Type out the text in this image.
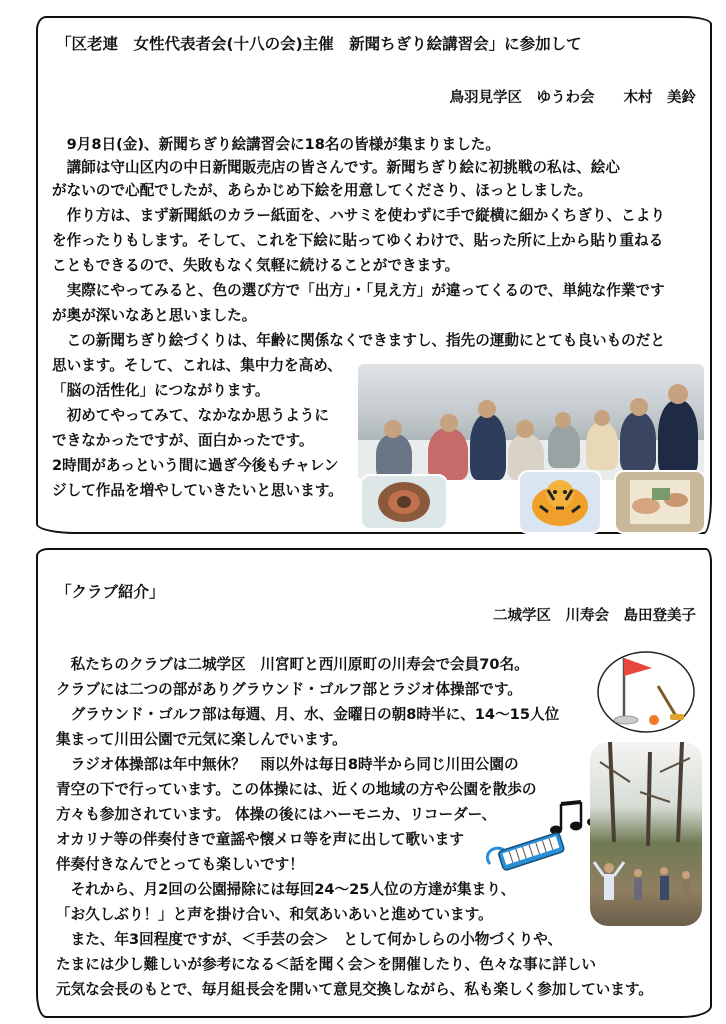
「区老連　女性代表者会(十八の会)主催　新聞ちぎり絵講習会」に参加して
鳥羽見学区　ゆうわ会　　木村　美鈴
　9月8日(金)、新聞ちぎり絵講習会に18名の皆様が集まりました。
　講師は守山区内の中日新聞販売店の皆さんです。新聞ちぎり絵に初挑戦の私は、絵心
がないので心配でしたが、あらかじめ下絵を用意してくださり、ほっとしました。
　作り方は、まず新聞紙のカラー紙面を、ハサミを使わずに手で縦横に細かくちぎり、こより
を作ったりもします。そして、これを下絵に貼ってゆくわけで、貼った所に上から貼り重ねる
こともできるので、失敗もなく気軽に続けることができます。
　実際にやってみると、色の選び方で「出方」・「見え方」が違ってくるので、単純な作業です
が奥が深いなあと思いました。
　この新聞ちぎり絵づくりは、年齢に関係なくできますし、指先の運動にとても良いものだと
思います。そして、これは、集中力を高め、
「脳の活性化」につながります。
　初めてやってみて、なかなか思うように
できなかったですが、面白かったです。
2時間があっという間に過ぎ今後もチャレン
ジして作品を増やしていきたいと思います。
「クラブ紹介」
二城学区　川寿会　島田登美子
　私たちのクラブは二城学区　川宮町と西川原町の川寿会で会員70名。
クラブには二つの部がありグラウンド・ゴルフ部とラジオ体操部です。
　グラウンド・ゴルフ部は毎週、月、水、金曜日の朝8時半に、14～15人位
集まって川田公園で元気に楽しんでいます。
　ラジオ体操部は年中無休？　雨以外は毎日8時半から同じ川田公園の
青空の下で行っています。この体操には、近くの地域の方や公園を散歩の
方々も参加されています。 体操の後にはハーモニカ、リコーダー、
オカリナ等の伴奏付きで童謡や懐メロ等を声に出して歌います
伴奏付きなんでとっても楽しいです！
　それから、月2回の公園掃除には毎回24～25人位の方達が集まり、
「お久しぶり！」と声を掛け合い、和気あいあいと進めています。
　また、年3回程度ですが、＜手芸の会＞　として何かしらの小物づくりや、
たまには少し難しいが参考になる＜話を聞く会＞を開催したり、色々な事に詳しい
元気な会長のもとで、毎月組長会を開いて意見交換しながら、私も楽しく参加しています。
